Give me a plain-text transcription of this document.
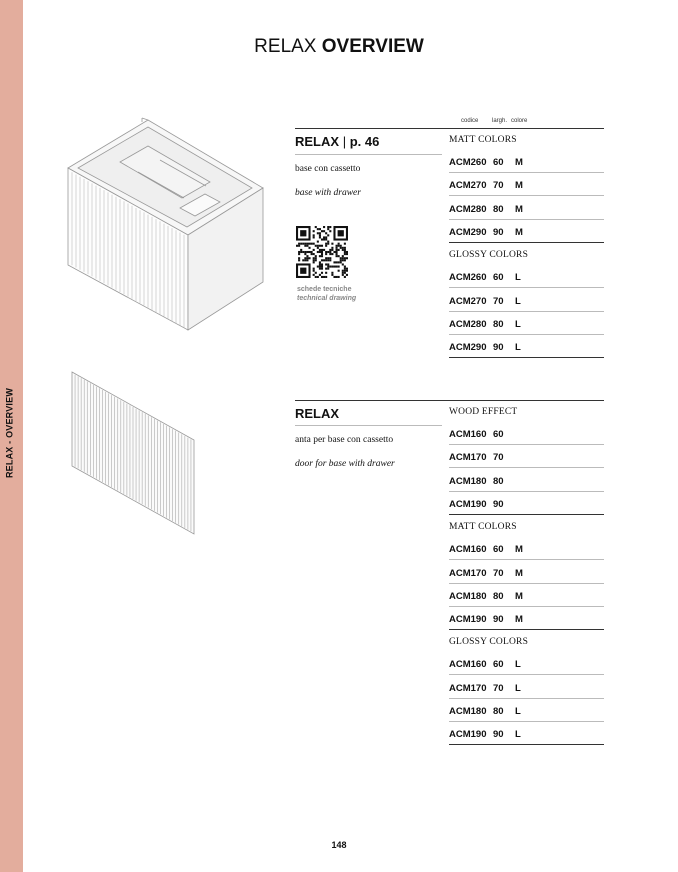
RELAX - OVERVIEW
RELAX OVERVIEW
codice largh. colore
RELAX | p. 46
base con cassetto
base with drawer
schede tecniche
technical drawing
MATT COLORS
ACM260 60 M
ACM270 70 M
ACM280 80 M
ACM290 90 M
GLOSSY COLORS
ACM260 60 L
ACM270 70 L
ACM280 80 L
ACM290 90 L
RELAX
anta per base con cassetto
door for base with drawer
WOOD EFFECT
ACM160 60
ACM170 70
ACM180 80
ACM190 90
MATT COLORS
ACM160 60 M
ACM170 70 M
ACM180 80 M
ACM190 90 M
GLOSSY COLORS
ACM160 60 L
ACM170 70 L
ACM180 80 L
ACM190 90 L
148
